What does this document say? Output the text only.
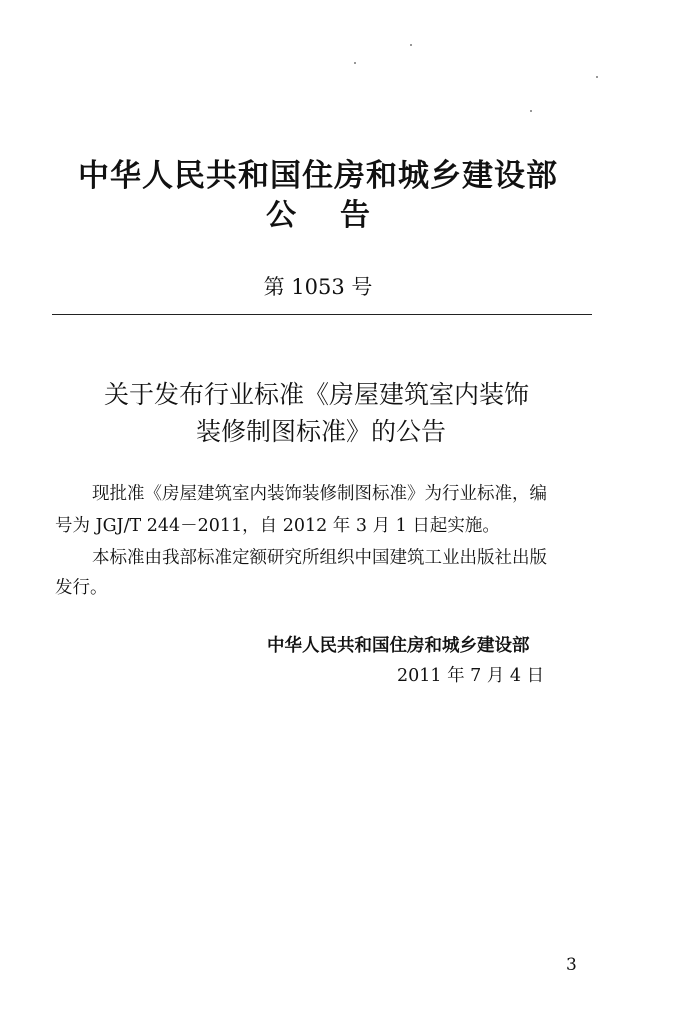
中华人民共和国住房和城乡建设部
公告
第 1053 号
关于发布行业标准《房屋建筑室内装饰
装修制图标准》的公告
现批准《房屋建筑室内装饰装修制图标准》为行业标准，编
号为 JGJ/T 244－2011，自 2012 年 3 月 1 日起实施。
本标准由我部标准定额研究所组织中国建筑工业出版社出版
发行。
中华人民共和国住房和城乡建设部
2011 年 7 月 4 日
3
